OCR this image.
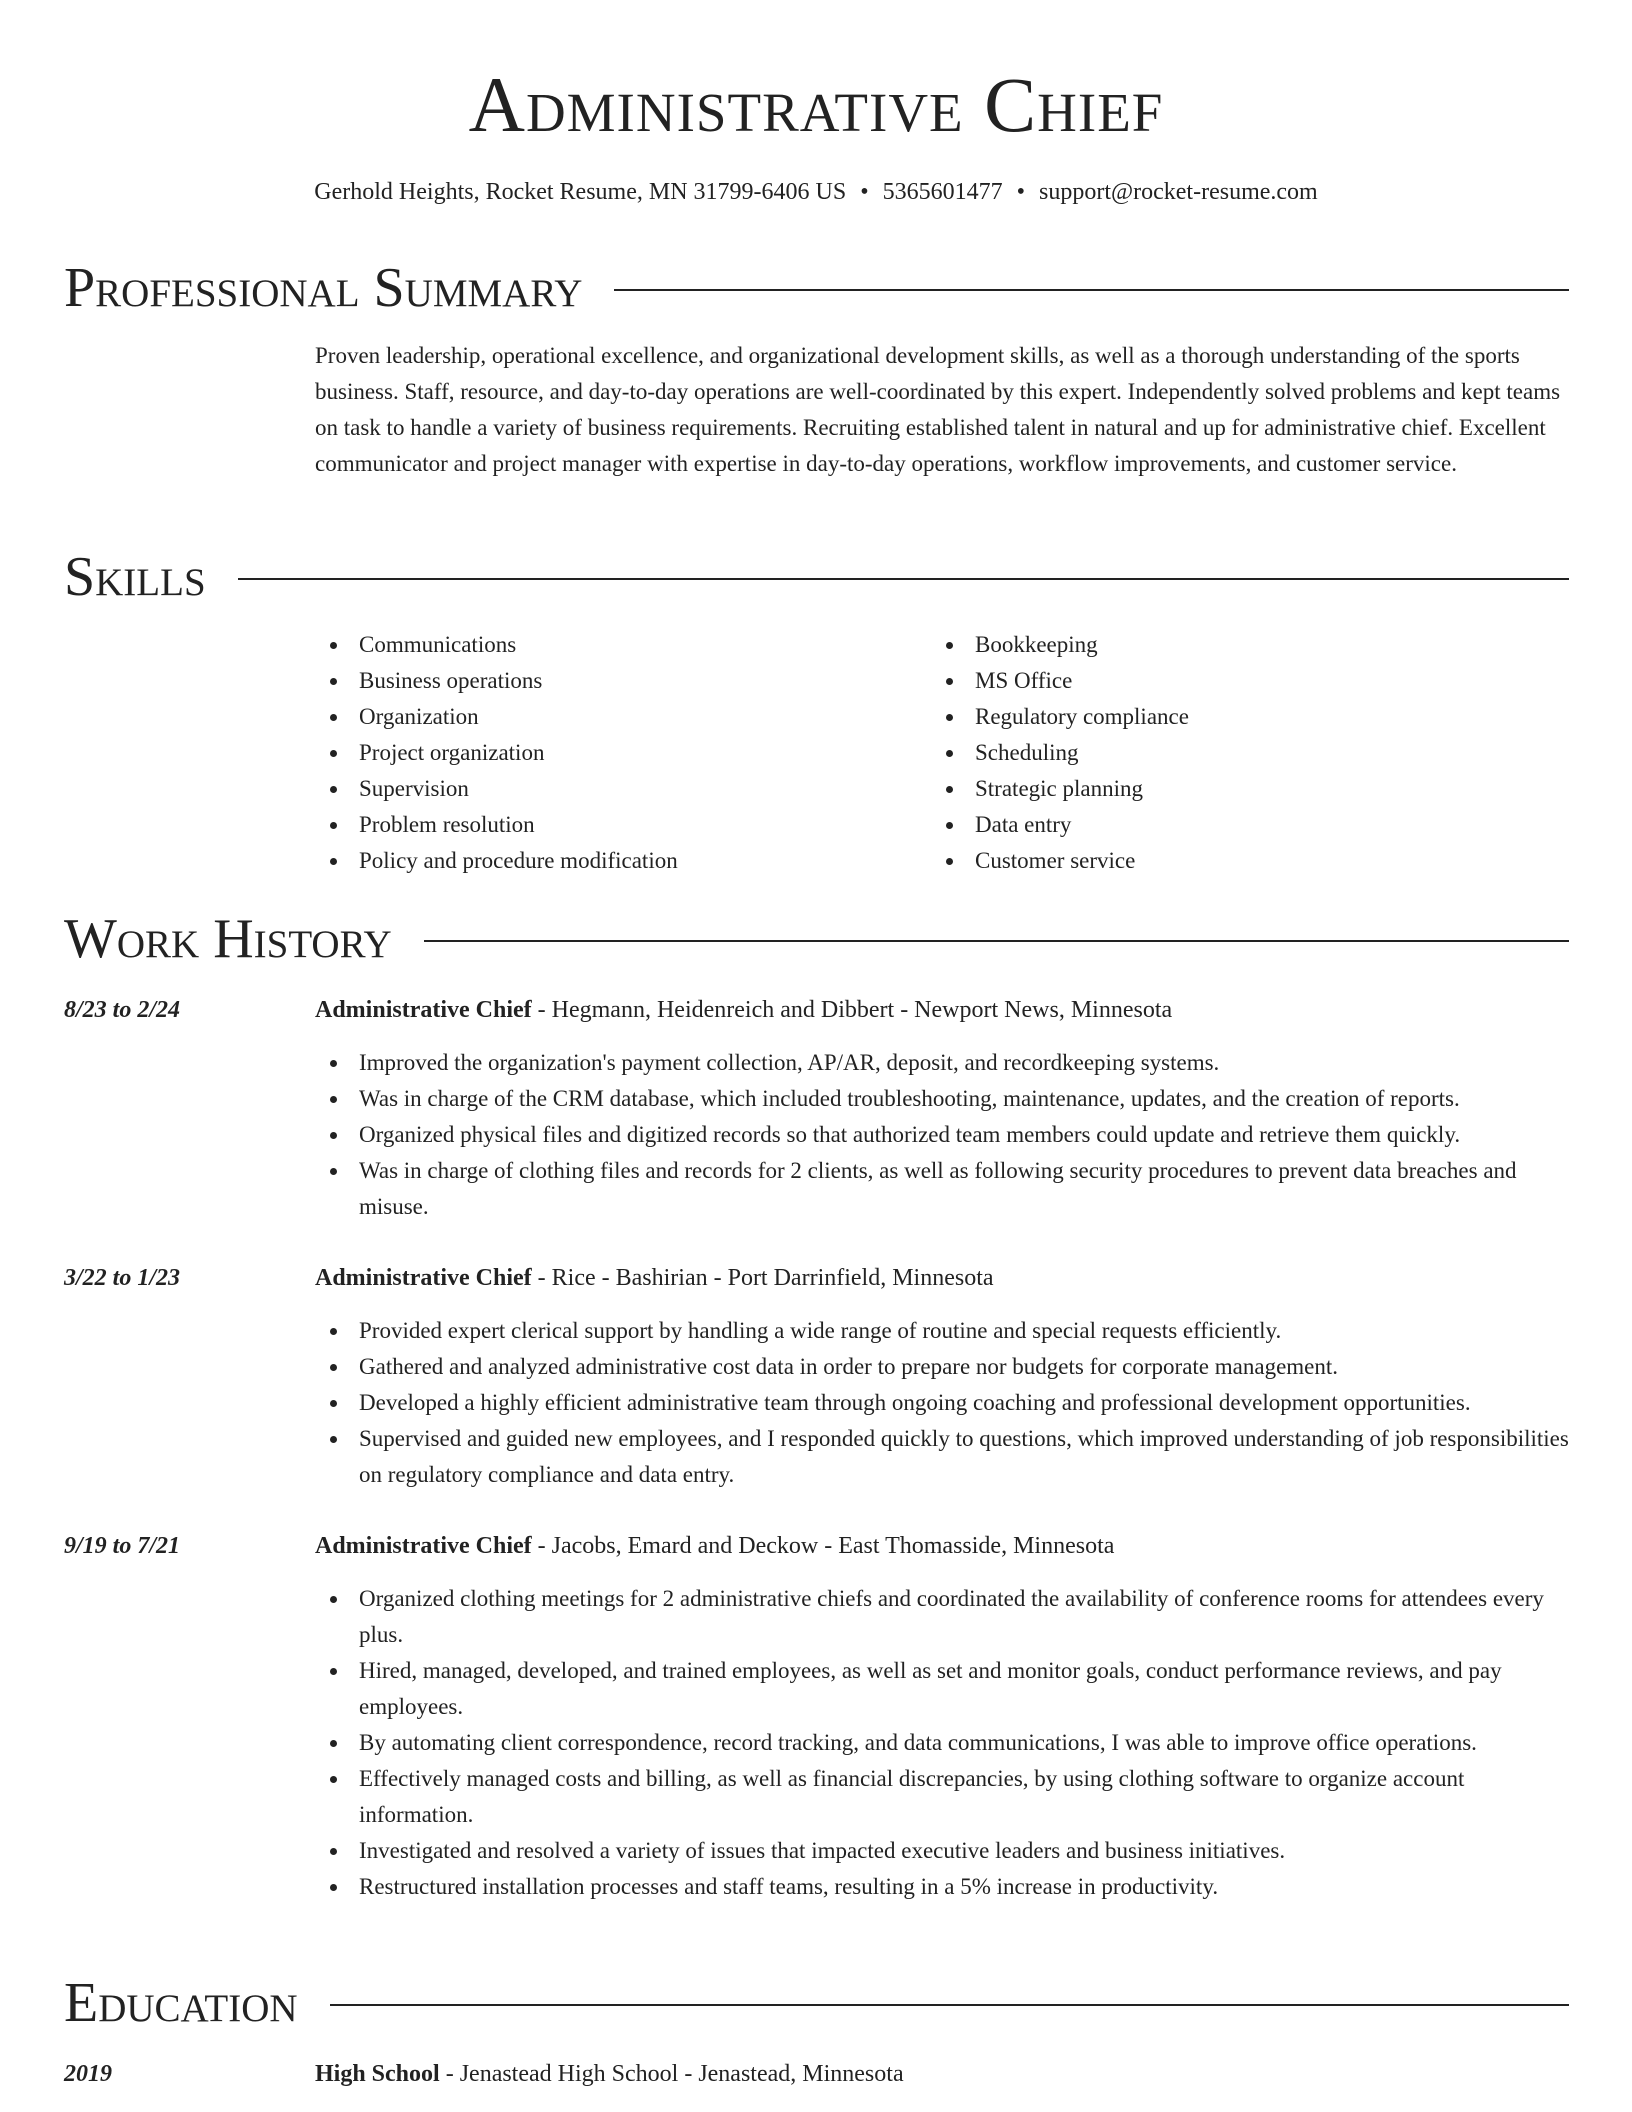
Administrative Chief
Gerhold Heights, Rocket Resume, MN 31799-6406 US • 5365601477 • support@rocket-resume.com
Professional Summary

Proven leadership, operational excellence, and organizational development skills, as well as a thorough understanding of the sports business. Staff, resource, and day-to-day operations are well-coordinated by this expert. Independently solved problems and kept teams on task to handle a variety of business requirements. Recruiting established talent in natural and up for administrative chief. Excellent communicator and project manager with expertise in day-to-day operations, workflow improvements, and customer service.

Skills
Communications
Business operations
Organization
Project organization
Supervision
Problem resolution
Policy and procedure modification
Bookkeeping
MS Office
Regulatory compliance
Scheduling
Strategic planning
Data entry
Customer service
Work History
8/23 to 2/24	Administrative Chief - Hegmann, Heidenreich and Dibbert - Newport News, Minnesota
Improved the organization's payment collection, AP/AR, deposit, and recordkeeping systems.
Was in charge of the CRM database, which included troubleshooting, maintenance, updates, and the creation of reports.
Organized physical files and digitized records so that authorized team members could update and retrieve them quickly.
Was in charge of clothing files and records for 2 clients, as well as following security procedures to prevent data breaches and misuse.
3/22 to 1/23	Administrative Chief - Rice - Bashirian - Port Darrinfield, Minnesota
Provided expert clerical support by handling a wide range of routine and special requests efficiently.
Gathered and analyzed administrative cost data in order to prepare nor budgets for corporate management.
Developed a highly efficient administrative team through ongoing coaching and professional development opportunities.
Supervised and guided new employees, and I responded quickly to questions, which improved understanding of job responsibilities on regulatory compliance and data entry.
9/19 to 7/21	Administrative Chief - Jacobs, Emard and Deckow - East Thomasside, Minnesota
Organized clothing meetings for 2 administrative chiefs and coordinated the availability of conference rooms for attendees every plus.
Hired, managed, developed, and trained employees, as well as set and monitor goals, conduct performance reviews, and pay employees.
By automating client correspondence, record tracking, and data communications, I was able to improve office operations.
Effectively managed costs and billing, as well as financial discrepancies, by using clothing software to organize account information.
Investigated and resolved a variety of issues that impacted executive leaders and business initiatives.
Restructured installation processes and staff teams, resulting in a 5% increase in productivity.
Education
2019	High School - Jenastead High School - Jenastead, Minnesota
